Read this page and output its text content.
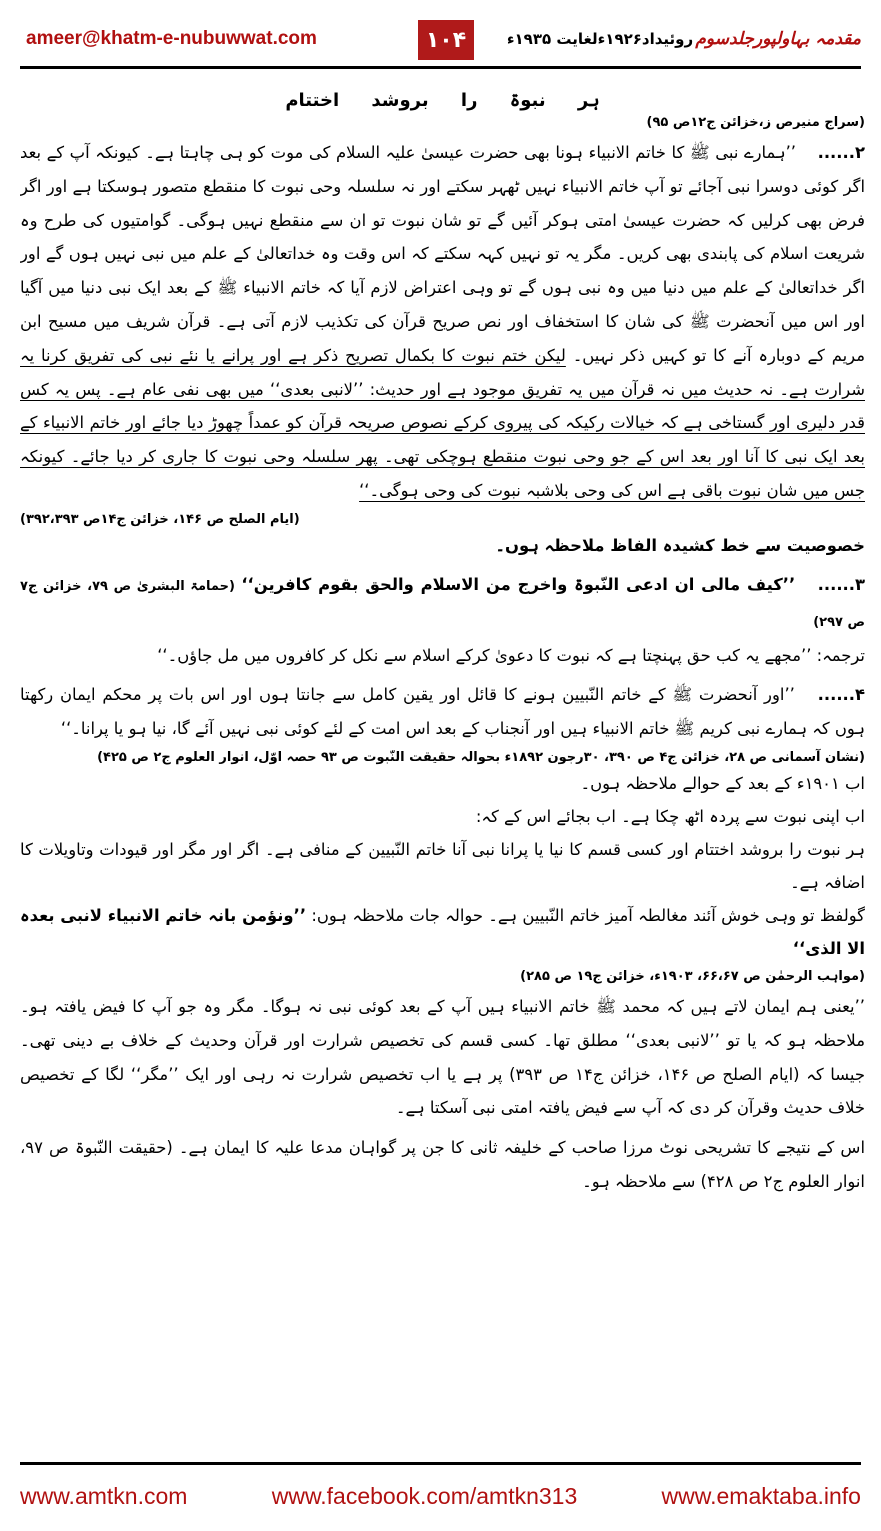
ameer@khatm-e-nubuwwat.com	۱۰۴	روئیداد۱۹۲۶ءلغایت ۱۹۳۵ء مقدمہ بہاولپورجلدسوم

ہر نبوۃ را بروشد اختتام

(سراج منیرص ز،خزائن ج۱۲ص ۹۵)

۲...... ’’ہمارے نبی ﷺ کا خاتم الانبیاء ہونا بھی حضرت عیسیٰ علیہ السلام کی موت کو ہی چاہتا ہے۔ کیونکہ آپ کے بعد اگر کوئی دوسرا نبی آجائے تو آپ خاتم الانبیاء نہیں ٹھہر سکتے اور نہ سلسلہ وحی نبوت کا منقطع متصور ہوسکتا ہے اور اگر فرض بھی کرلیں کہ حضرت عیسیٰ امتی ہوکر آئیں گے تو شان نبوت تو ان سے منقطع نہیں ہوگی۔ گوامتیوں کی طرح وہ شریعت اسلام کی پابندی بھی کریں۔ مگر یہ تو نہیں کہہ سکتے کہ اس وقت وہ خداتعالیٰ کے علم میں نبی نہیں ہوں گے اور اگر خداتعالیٰ کے علم میں دنیا میں وہ نبی ہوں گے تو وہی اعتراض لازم آیا کہ خاتم الانبیاء ﷺ کے بعد ایک نبی دنیا میں آگیا اور اس میں آنحضرت ﷺ کی شان کا استخفاف اور نص صریح قرآن کی تکذیب لازم آتی ہے۔ قرآن شریف میں مسیح ابن مریم کے دوبارہ آنے کا تو کہیں ذکر نہیں۔ لیکن ختم نبوت کا بکمال تصریح ذکر ہے اور پرانے یا نئے نبی کی تفریق کرنا یہ شرارت ہے۔ نہ حدیث میں نہ قرآن میں یہ تفریق موجود ہے اور حدیث: ’’لانبی بعدی‘‘ میں بھی نفی عام ہے۔ پس یہ کس قدر دلیری اور گستاخی ہے کہ خیالات رکیکہ کی پیروی کرکے نصوص صریحہ قرآن کو عمداً چھوڑ دیا جائے اور خاتم الانبیاء کے بعد ایک نبی کا آنا اور بعد اس کے جو وحی نبوت منقطع ہوچکی تھی۔ پھر سلسلہ وحی نبوت کا جاری کر دیا جائے۔ کیونکہ جس میں شان نبوت باقی ہے اس کی وحی بلاشبہ نبوت کی وحی ہوگی۔‘‘

(ایام الصلح ص ۱۴۶، خزائن ج۱۴ص ۳۹۲،۳۹۳)

خصوصیت سے خط کشیدہ الفاظ ملاحظہ ہوں۔

۳...... ’’کیف مالی ان ادعی النّبوۃ واخرج من الاسلام والحق بقوم کافرین‘‘ (حمامۃ البشریٰ ص ۷۹، خزائن ج۷ ص ۲۹۷)

ترجمہ: ’’مجھے یہ کب حق پہنچتا ہے کہ نبوت کا دعویٰ کرکے اسلام سے نکل کر کافروں میں مل جاؤں۔‘‘

۴...... ’’اور آنحضرت ﷺ کے خاتم النّبیین ہونے کا قائل اور یقین کامل سے جانتا ہوں اور اس بات پر محکم ایمان رکھتا ہوں کہ ہمارے نبی کریم ﷺ خاتم الانبیاء ہیں اور آنجناب کے بعد اس امت کے لئے کوئی نبی نہیں آئے گا، نیا ہو یا پرانا۔‘‘

(نشان آسمانی ص ۲۸، خزائن ج۴ ص ۳۹۰، ۳۰رجون ۱۸۹۲ء بحوالہ حقیقت النّبوت ص ۹۳ حصہ اوّل، انوار العلوم ج۲ ص ۴۲۵)

اب ۱۹۰۱ء کے بعد کے حوالے ملاحظہ ہوں۔

اب اپنی نبوت سے پردہ اٹھ چکا ہے۔ اب بجائے اس کے کہ:

ہر نبوت را بروشد اختتام اور کسی قسم کا نیا یا پرانا نبی آنا خاتم النّبیین کے منافی ہے۔ اگر اور مگر اور قیودات وتاویلات کا اضافہ ہے۔

گولفظ تو وہی خوش آئند مغالطہ آمیز خاتم النّبیین ہے۔ حوالہ جات ملاحظہ ہوں: ’’ونؤمن بانہ خاتم الانبیاء لانبی بعدہ الا الذی‘‘

(مواہب الرحمٰن ص ۶۶،۶۷، ۱۹۰۳ء، خزائن ج۱۹ ص ۲۸۵)

’’یعنی ہم ایمان لاتے ہیں کہ محمد ﷺ خاتم الانبیاء ہیں آپ کے بعد کوئی نبی نہ ہوگا۔ مگر وہ جو آپ کا فیض یافتہ ہو۔ ملاحظہ ہو کہ یا تو ’’لانبی بعدی‘‘ مطلق تھا۔ کسی قسم کی تخصیص شرارت اور قرآن وحدیث کے خلاف بے دینی تھی۔ جیسا کہ (ایام الصلح ص ۱۴۶، خزائن ج۱۴ ص ۳۹۳) پر ہے یا اب تخصیص شرارت نہ رہی اور ایک ’’مگر‘‘ لگا کے تخصیص خلاف حدیث وقرآن کر دی کہ آپ سے فیض یافتہ امتی نبی آسکتا ہے۔

اس کے نتیجے کا تشریحی نوٹ مرزا صاحب کے خلیفہ ثانی کا جن پر گواہان مدعا علیہ کا ایمان ہے۔ (حقیقت النّبوۃ ص ۹۷، انوار العلوم ج۲ ص ۴۲۸) سے ملاحظہ ہو۔

www.amtkn.com	www.facebook.com/amtkn313	www.emaktaba.info
